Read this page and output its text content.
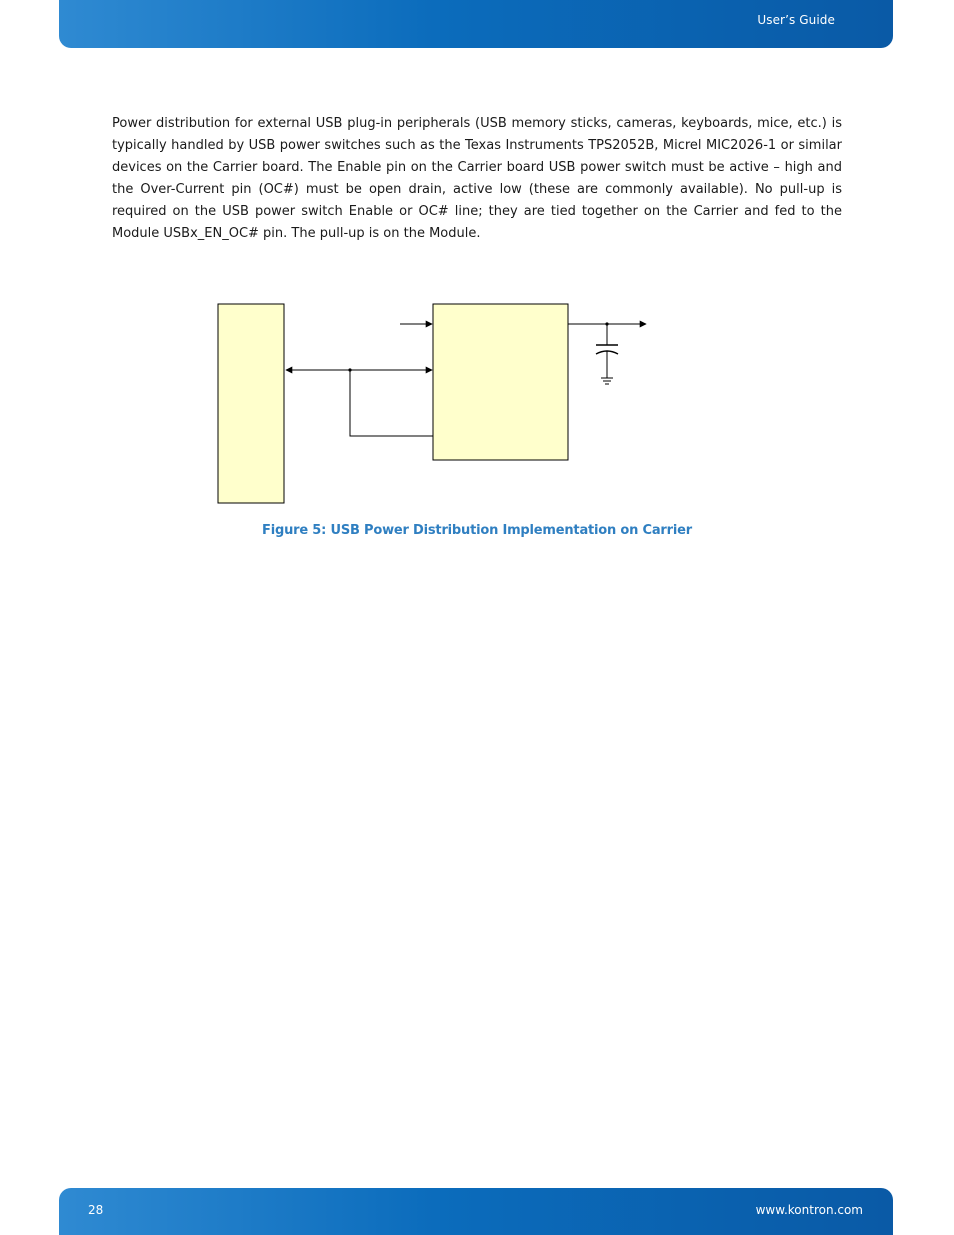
User’s Guide

Power distribution for external USB plug-in peripherals (USB memory sticks, cameras, keyboards, mice, etc.) is typically handled by USB power switches such as the Texas Instruments TPS2052B, Micrel MIC2026-1 or similar devices on the Carrier board. The Enable pin on the Carrier board USB power switch must be active – high and the Over-Current pin (OC#) must be open drain, active low (these are commonly available). No pull-up is required on the USB power switch Enable or OC# line; they are tied together on the Carrier and fed to the Module USBx_EN_OC# pin. The pull-up is on the Module.

Figure 5: USB Power Distribution Implementation on Carrier
28	www.kontron.com
